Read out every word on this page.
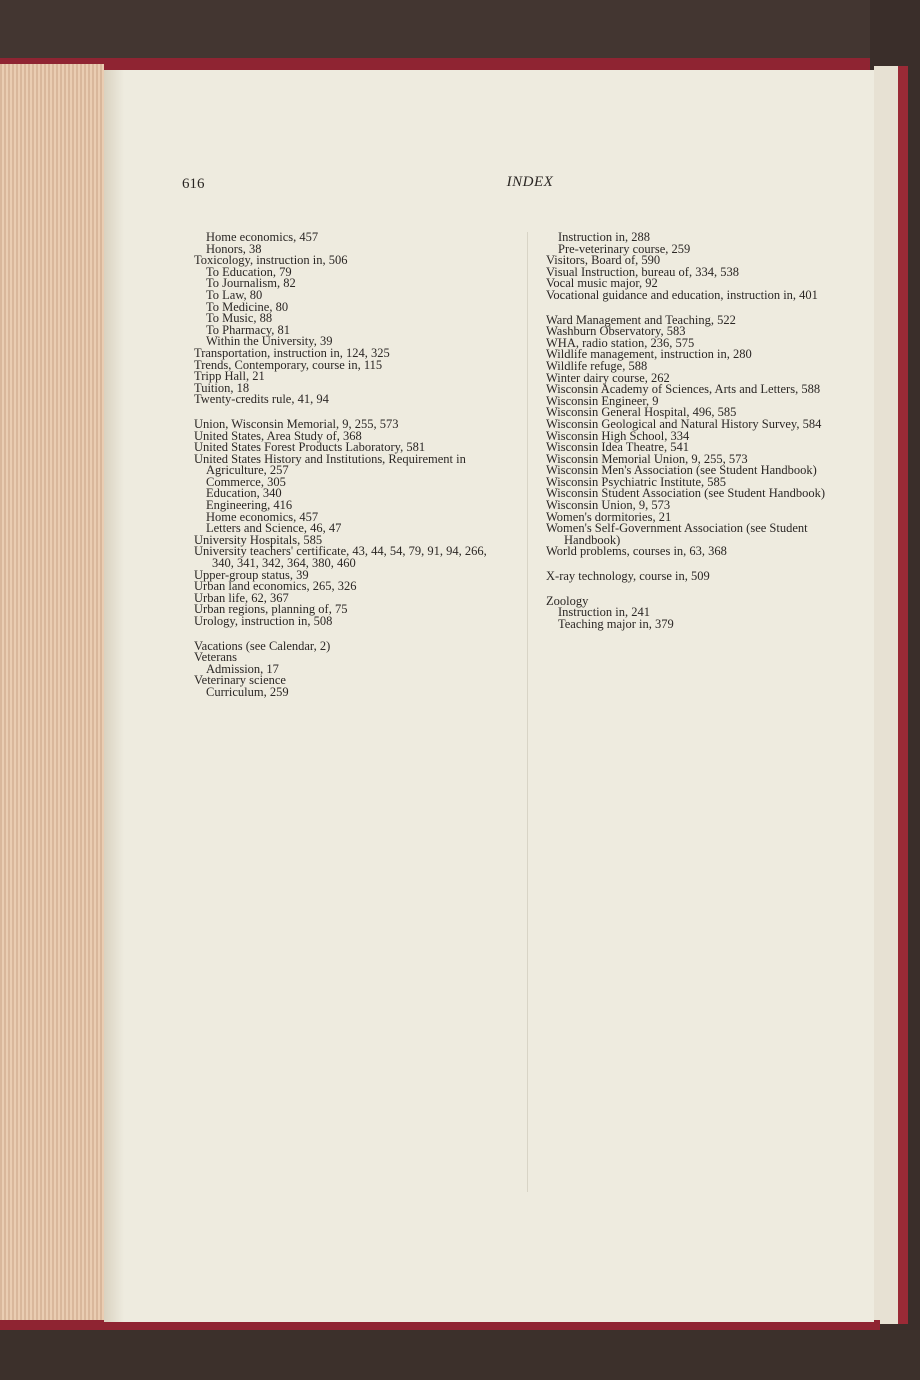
616	INDEX

Home economics, 457

Honors, 38

Toxicology, instruction in, 506

To Education, 79

To Journalism, 82

To Law, 80

To Medicine, 80

To Music, 88

To Pharmacy, 81

Within the University, 39

Transportation, instruction in, 124, 325

Trends, Contemporary, course in, 115

Tripp Hall, 21

Tuition, 18

Twenty-credits rule, 41, 94

Union, Wisconsin Memorial, 9, 255, 573

United States, Area Study of, 368

United States Forest Products Laboratory, 581

United States History and Institutions, Requirement in

Agriculture, 257

Commerce, 305

Education, 340

Engineering, 416

Home economics, 457

Letters and Science, 46, 47

University Hospitals, 585

University teachers' certificate, 43, 44, 54, 79, 91, 94, 266, 340, 341, 342, 364, 380, 460

Upper-group status, 39

Urban land economics, 265, 326

Urban life, 62, 367

Urban regions, planning of, 75

Urology, instruction in, 508

Vacations (see Calendar, 2)

Veterans

Admission, 17

Veterinary science

Curriculum, 259

Instruction in, 288

Pre-veterinary course, 259

Visitors, Board of, 590

Visual Instruction, bureau of, 334, 538

Vocal music major, 92

Vocational guidance and education, instruction in, 401

Ward Management and Teaching, 522

Washburn Observatory, 583

WHA, radio station, 236, 575

Wildlife management, instruction in, 280

Wildlife refuge, 588

Winter dairy course, 262

Wisconsin Academy of Sciences, Arts and Letters, 588

Wisconsin Engineer, 9

Wisconsin General Hospital, 496, 585

Wisconsin Geological and Natural History Survey, 584

Wisconsin High School, 334

Wisconsin Idea Theatre, 541

Wisconsin Memorial Union, 9, 255, 573

Wisconsin Men's Association (see Student Handbook)

Wisconsin Psychiatric Institute, 585

Wisconsin Student Association (see Student Handbook)

Wisconsin Union, 9, 573

Women's dormitories, 21

Women's Self-Government Association (see Student Handbook)

World problems, courses in, 63, 368

X-ray technology, course in, 509

Zoology

Instruction in, 241

Teaching major in, 379
